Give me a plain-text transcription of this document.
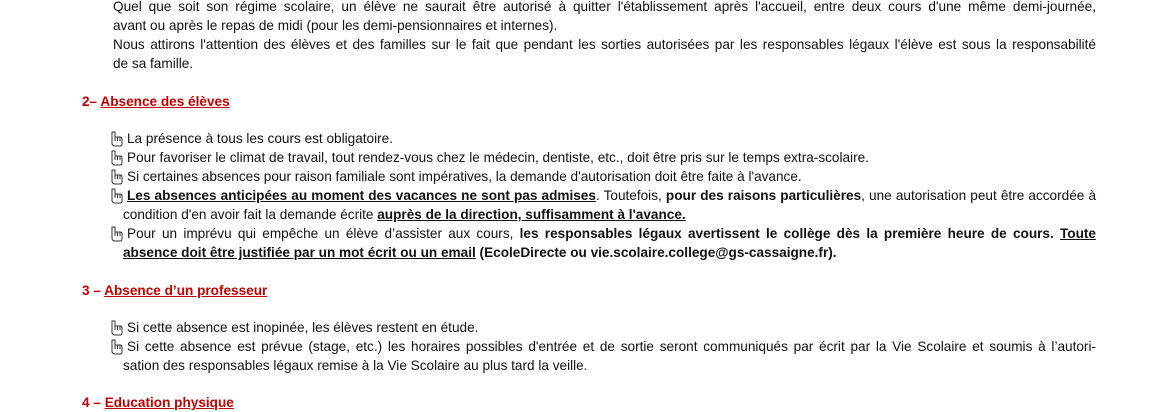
Quel que soit son régime scolaire, un élève ne saurait être autorisé à quitter l'établissement après l'accueil, entre deux cours d'une même demi-journée,
avant ou après le repas de midi (pour les demi-pensionnaires et internes).
Nous attirons l'attention des élèves et des familles sur le fait que pendant les sorties autorisées par les responsables légaux l'élève est sous la responsabilité
de sa famille.
2– Absence des élèves
La présence à tous les cours est obligatoire.
Pour favoriser le climat de travail, tout rendez-vous chez le médecin, dentiste, etc., doit être pris sur le temps extra-scolaire.
Si certaines absences pour raison familiale sont impératives, la demande d'autorisation doit être faite à l'avance.
Les absences anticipées au moment des vacances ne sont pas admises. Toutefois, pour des raisons particulières, une autorisation peut être accordée à
condition d'en avoir fait la demande écrite auprès de la direction, suffisamment à l'avance.
Pour un imprévu qui empêche un élève d’assister aux cours, les responsables légaux avertissent le collège dès la première heure de cours. Toute
absence doit être justifiée par un mot écrit ou un email (EcoleDirecte ou vie.scolaire.college@gs-cassaigne.fr).
3 – Absence d’un professeur
Si cette absence est inopinée, les élèves restent en étude.
Si cette absence est prévue (stage, etc.) les horaires possibles d'entrée et de sortie seront communiqués par écrit par la Vie Scolaire et soumis à l’autori-
sation des responsables légaux remise à la Vie Scolaire au plus tard la veille.
4 – Education physique
